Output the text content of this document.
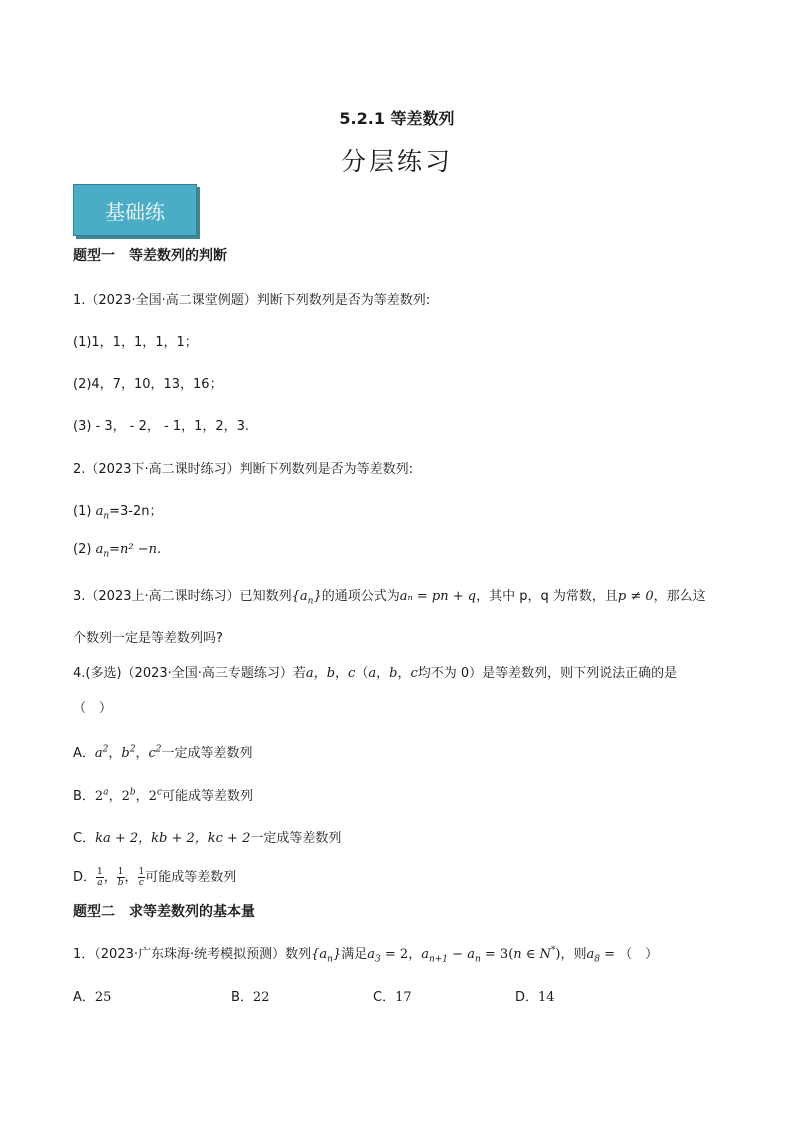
5.2.1 等差数列
分层练习
基础练
题型一　等差数列的判断
1.（2023·全国·高二课堂例题）判断下列数列是否为等差数列:
(1)1，1，1，1，1；
(2)4，7，10，13，16；
(3) - 3， - 2， - 1，1，2，3.
2.（2023下·高二课时练习）判断下列数列是否为等差数列:
(1) $a_n=3-2n$；
(2) $a_n=n^2 -n$.
3.（2023上·高二课时练习）已知数列$\{a_n\}$的通项公式为aₙ = pn + q，其中 p，q 为常数，且p ≠ 0，那么这
个数列一定是等差数列吗?
4.(多选)（2023·全国·高三专题练习）若a，b，c（a，b，c均不为 0）是等差数列，则下列说法正确的是
（　）
A．$a^2$，$b^2$，$c^2$一定成等差数列
B．2$^a$，2$^b$，2$^c$可能成等差数列
C．ka + 2，kb + 2，kc + 2一定成等差数列
D． $\frac{1}{a}$ ， $\frac{1}{b}$ ， $\frac{1}{c}$ 可能成等差数列
题型二　求等差数列的基本量
1．（2023·广东珠海·统考模拟预测）数列$\{a_n\}$满足$a_3 = 2$，$a_{n+1} - a_n = 3(n$ ∈ N*)，则$a_8$ = （　）
A．25	B．22	C．17	D．14
